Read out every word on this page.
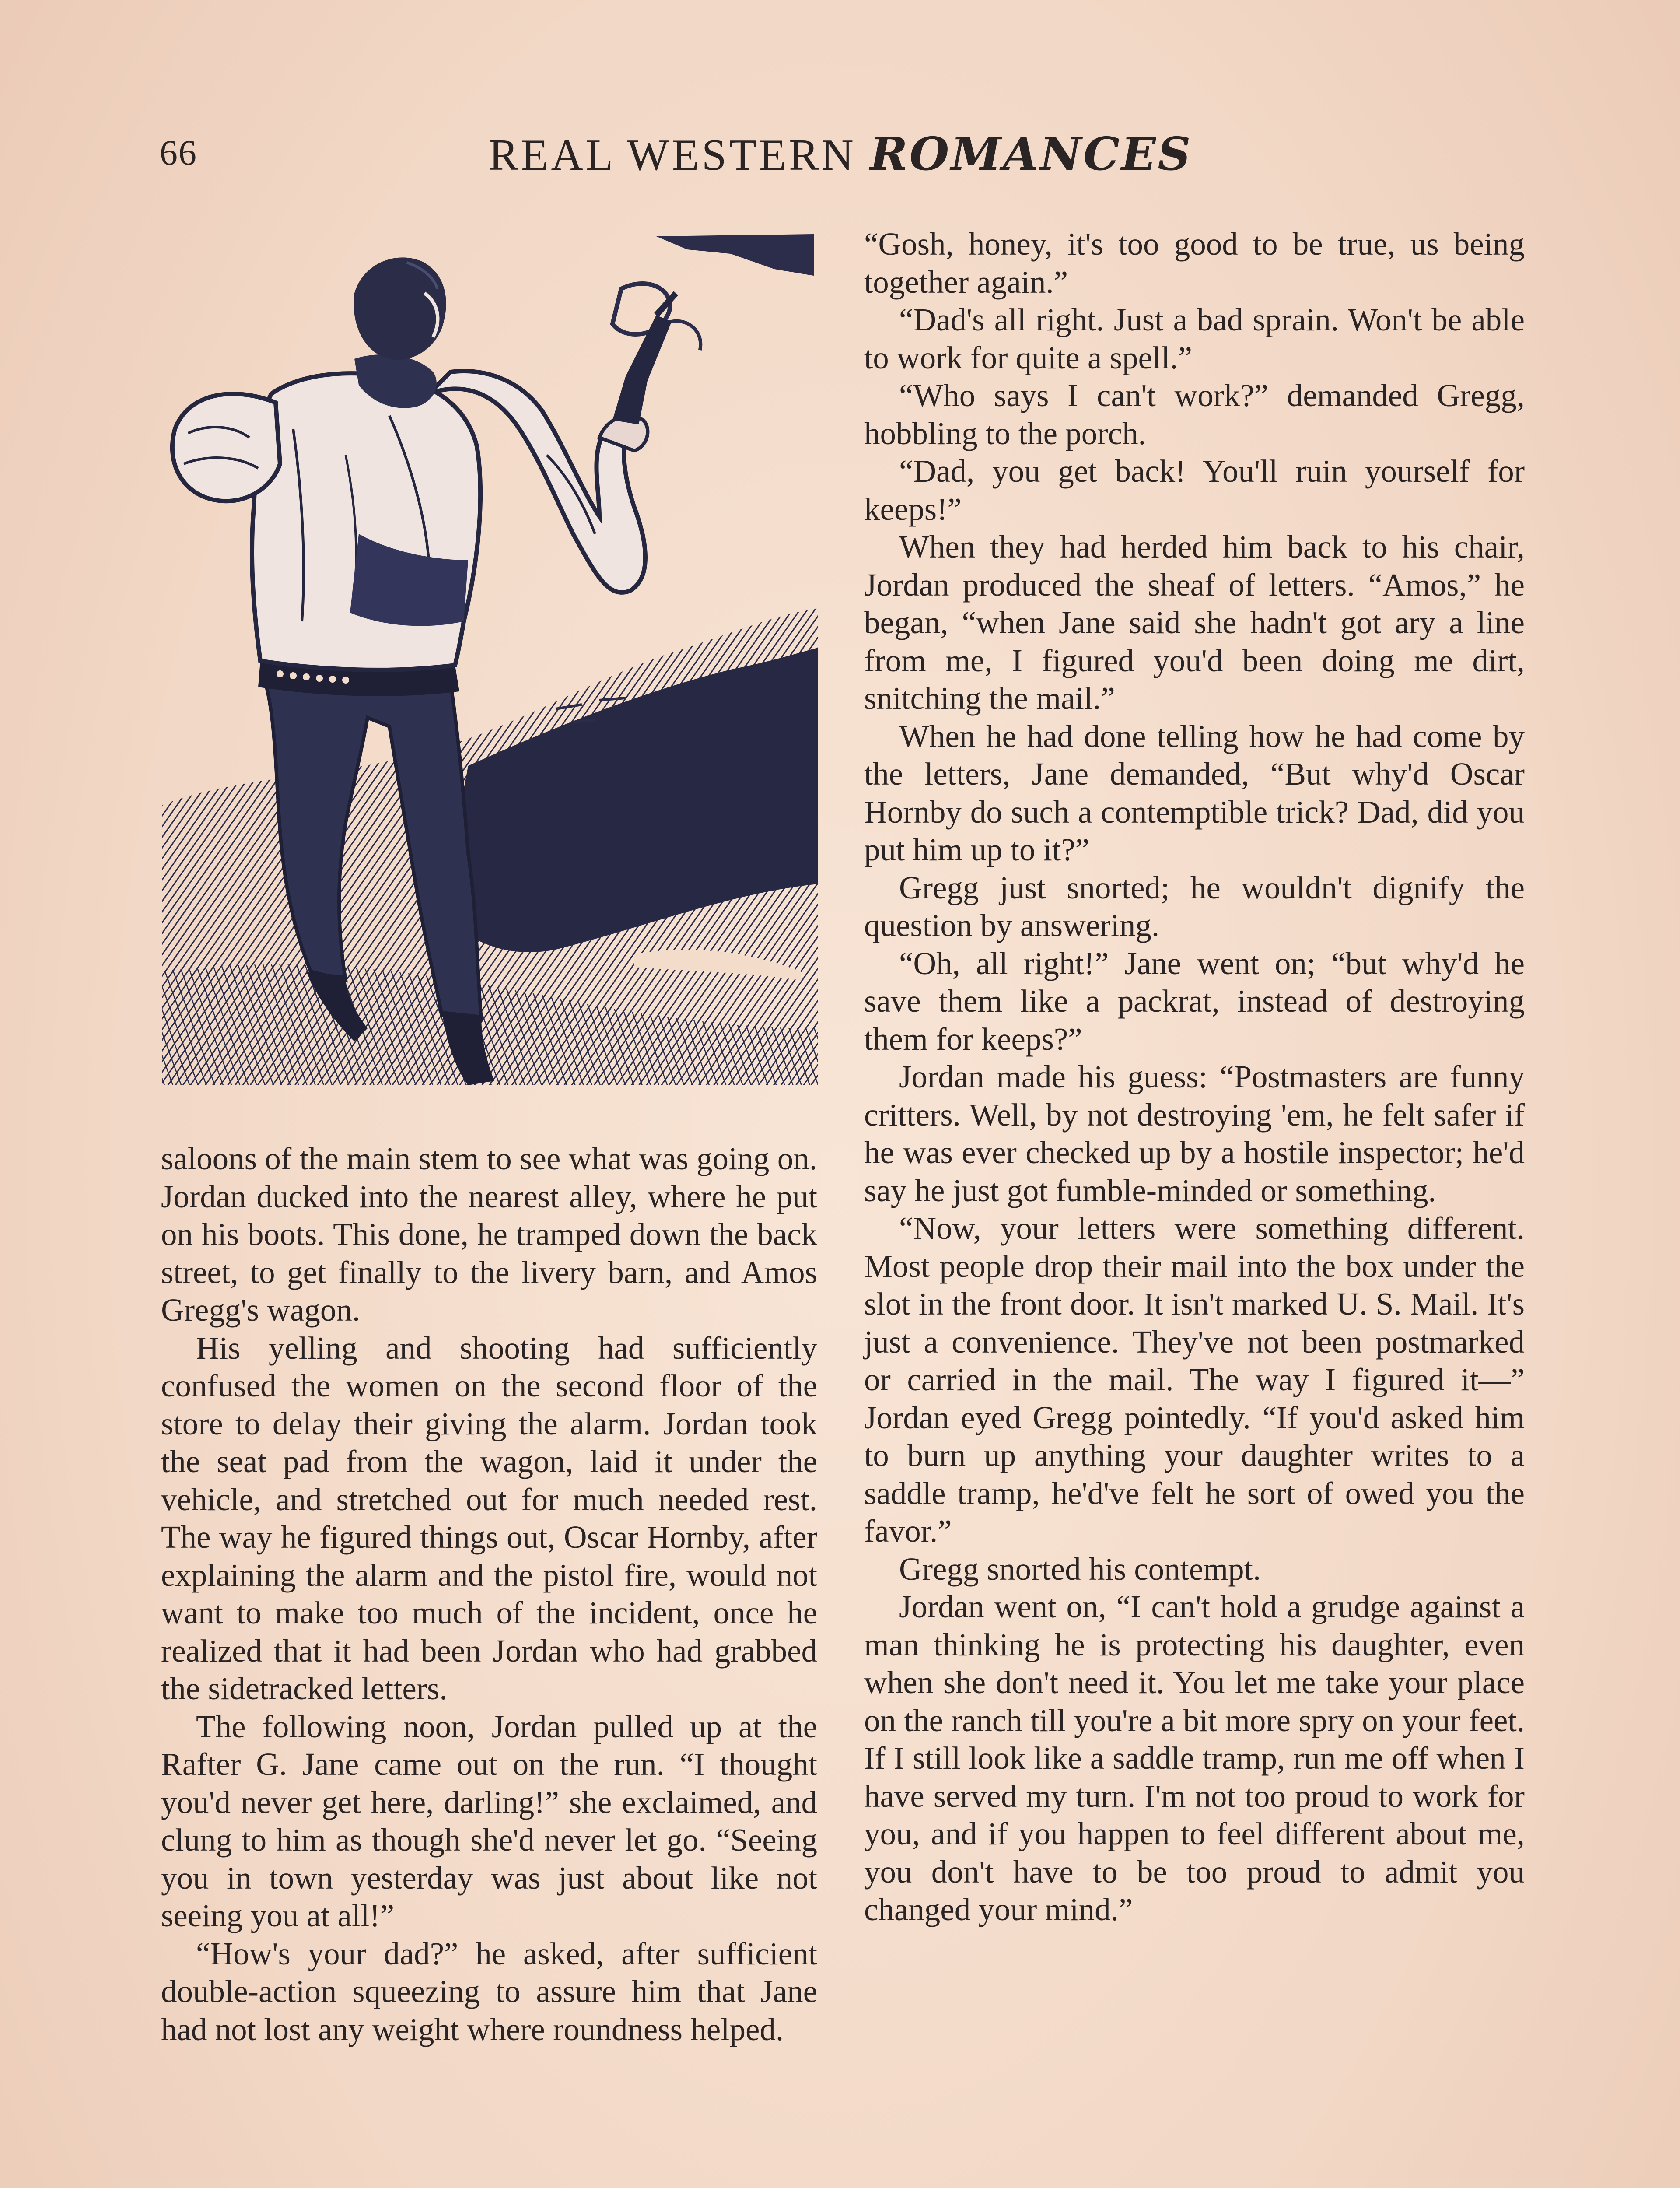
66	REAL WESTERN ROMANCES

saloons of the main stem to see what was going on. Jordan ducked into the nearest alley, where he put on his boots. This done, he tramped down the back street, to get finally to the livery barn, and Amos Gregg's wagon.

His yelling and shooting had sufficiently confused the women on the second floor of the store to delay their giving the alarm. Jordan took the seat pad from the wagon, laid it under the vehicle, and stretched out for much needed rest. The way he figured things out, Oscar Hornby, after explaining the alarm and the pistol fire, would not want to make too much of the incident, once he realized that it had been Jordan who had grabbed the sidetracked letters.

The following noon, Jordan pulled up at the Rafter G. Jane came out on the run. “I thought you'd never get here, darling!” she exclaimed, and clung to him as though she'd never let go. “Seeing you in town yesterday was just about like not seeing you at all!”

“How's your dad?” he asked, after sufficient double-action squeezing to assure him that Jane had not lost any weight where roundness helped.

“Gosh, honey, it's too good to be true, us being together again.”

“Dad's all right. Just a bad sprain. Won't be able to work for quite a spell.”

“Who says I can't work?” demanded Gregg, hobbling to the porch.

“Dad, you get back! You'll ruin yourself for keeps!”

When they had herded him back to his chair, Jordan produced the sheaf of letters. “Amos,” he began, “when Jane said she hadn't got ary a line from me, I figured you'd been doing me dirt, snitching the mail.”

When he had done telling how he had come by the letters, Jane demanded, “But why'd Oscar Hornby do such a contemptible trick? Dad, did you put him up to it?”

Gregg just snorted; he wouldn't dignify the question by answering.

“Oh, all right!” Jane went on; “but why'd he save them like a packrat, instead of destroying them for keeps?”

Jordan made his guess: “Postmasters are funny critters. Well, by not destroying 'em, he felt safer if he was ever checked up by a hostile inspector; he'd say he just got fumble-minded or something.

“Now, your letters were something different. Most people drop their mail into the box under the slot in the front door. It isn't marked U. S. Mail. It's just a convenience. They've not been postmarked or carried in the mail. The way I figured it—” Jordan eyed Gregg pointedly. “If you'd asked him to burn up anything your daughter writes to a saddle tramp, he'd've felt he sort of owed you the favor.”

Gregg snorted his contempt.

Jordan went on, “I can't hold a grudge against a man thinking he is protecting his daughter, even when she don't need it. You let me take your place on the ranch till you're a bit more spry on your feet. If I still look like a saddle tramp, run me off when I have served my turn. I'm not too proud to work for you, and if you happen to feel different about me, you don't have to be too proud to admit you changed your mind.”
